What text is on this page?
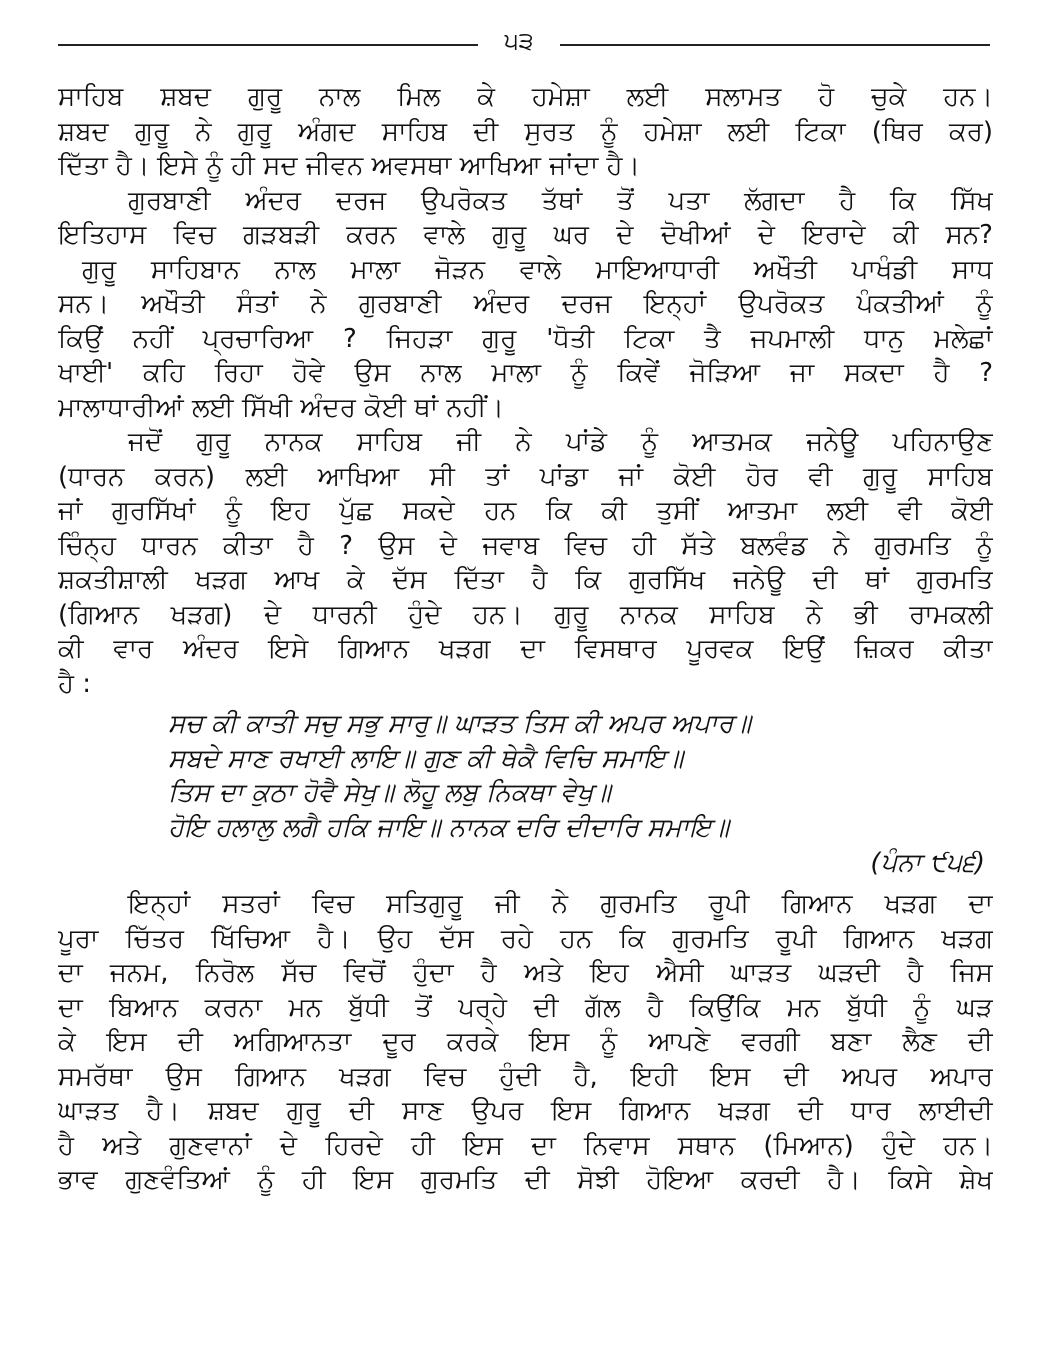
੫੩
ਸਾਹਿਬ ਸ਼ਬਦ ਗੁਰੂ ਨਾਲ ਮਿਲ ਕੇ ਹਮੇਸ਼ਾ ਲਈ ਸਲਾਮਤ ਹੋ ਚੁਕੇ ਹਨ।
ਸ਼ਬਦ ਗੁਰੂ ਨੇ ਗੁਰੂ ਅੰਗਦ ਸਾਹਿਬ ਦੀ ਸੁਰਤ ਨੂੰ ਹਮੇਸ਼ਾ ਲਈ ਟਿਕਾ (ਥਿਰ ਕਰ)
ਦਿੱਤਾ ਹੈ। ਇਸੇ ਨੂੰ ਹੀ ਸਦ ਜੀਵਨ ਅਵਸਥਾ ਆਖਿਆ ਜਾਂਦਾ ਹੈ।
ਗੁਰਬਾਣੀ ਅੰਦਰ ਦਰਜ ਉਪਰੋਕਤ ਤੱਥਾਂ ਤੋਂ ਪਤਾ ਲੱਗਦਾ ਹੈ ਕਿ ਸਿੱਖ
ਇਤਿਹਾਸ ਵਿਚ ਗੜਬੜੀ ਕਰਨ ਵਾਲੇ ਗੁਰੂ ਘਰ ਦੇ ਦੋਖੀਆਂ ਦੇ ਇਰਾਦੇ ਕੀ ਸਨ?
ਗੁਰੂ ਸਾਹਿਬਾਨ ਨਾਲ ਮਾਲਾ ਜੋੜਨ ਵਾਲੇ ਮਾਇਆਧਾਰੀ ਅਖੌਤੀ ਪਾਖੰਡੀ ਸਾਧ
ਸਨ। ਅਖੌਤੀ ਸੰਤਾਂ ਨੇ ਗੁਰਬਾਣੀ ਅੰਦਰ ਦਰਜ ਇਨ੍ਹਾਂ ਉਪਰੋਕਤ ਪੰਕਤੀਆਂ ਨੂੰ
ਕਿਉਂ ਨਹੀਂ ਪ੍ਰਚਾਰਿਆ ? ਜਿਹੜਾ ਗੁਰੂ 'ਧੋਤੀ ਟਿਕਾ ਤੈ ਜਪਮਾਲੀ ਧਾਨੁ ਮਲੇਛਾਂ
ਖਾਈ' ਕਹਿ ਰਿਹਾ ਹੋਵੇ ਉਸ ਨਾਲ ਮਾਲਾ ਨੂੰ ਕਿਵੇਂ ਜੋੜਿਆ ਜਾ ਸਕਦਾ ਹੈ ?
ਮਾਲਾਧਾਰੀਆਂ ਲਈ ਸਿੱਖੀ ਅੰਦਰ ਕੋਈ ਥਾਂ ਨਹੀਂ।
ਜਦੋਂ ਗੁਰੂ ਨਾਨਕ ਸਾਹਿਬ ਜੀ ਨੇ ਪਾਂਡੇ ਨੂੰ ਆਤਮਕ ਜਨੇਊ ਪਹਿਨਾਉਣ
(ਧਾਰਨ ਕਰਨ) ਲਈ ਆਖਿਆ ਸੀ ਤਾਂ ਪਾਂਡਾ ਜਾਂ ਕੋਈ ਹੋਰ ਵੀ ਗੁਰੂ ਸਾਹਿਬ
ਜਾਂ ਗੁਰਸਿੱਖਾਂ ਨੂੰ ਇਹ ਪੁੱਛ ਸਕਦੇ ਹਨ ਕਿ ਕੀ ਤੁਸੀਂ ਆਤਮਾ ਲਈ ਵੀ ਕੋਈ
ਚਿੰਨ੍ਹ ਧਾਰਨ ਕੀਤਾ ਹੈ ? ਉਸ ਦੇ ਜਵਾਬ ਵਿਚ ਹੀ ਸੱਤੇ ਬਲਵੰਡ ਨੇ ਗੁਰਮਤਿ ਨੂੰ
ਸ਼ਕਤੀਸ਼ਾਲੀ ਖੜਗ ਆਖ ਕੇ ਦੱਸ ਦਿੱਤਾ ਹੈ ਕਿ ਗੁਰਸਿੱਖ ਜਨੇਊ ਦੀ ਥਾਂ ਗੁਰਮਤਿ
(ਗਿਆਨ ਖੜਗ) ਦੇ ਧਾਰਨੀ ਹੁੰਦੇ ਹਨ। ਗੁਰੂ ਨਾਨਕ ਸਾਹਿਬ ਨੇ ਭੀ ਰਾਮਕਲੀ
ਕੀ ਵਾਰ ਅੰਦਰ ਇਸੇ ਗਿਆਨ ਖੜਗ ਦਾ ਵਿਸਥਾਰ ਪੂਰਵਕ ਇਉਂ ਜ਼ਿਕਰ ਕੀਤਾ
ਹੈ :
ਸਚ ਕੀ ਕਾਤੀ ਸਚੁ ਸਭੁ ਸਾਰੁ॥ ਘਾੜਤ ਤਿਸ ਕੀ ਅਪਰ ਅਪਾਰ॥
ਸਬਦੇ ਸਾਣ ਰਖਾਈ ਲਾਇ॥ ਗੁਣ ਕੀ ਥੇਕੈ ਵਿਚਿ ਸਮਾਇ॥
ਤਿਸ ਦਾ ਕੁਠਾ ਹੋਵੈ ਸੇਖੁ॥ ਲੋਹੂ ਲਬੁ ਨਿਕਥਾ ਵੇਖੁ॥
ਹੋਇ ਹਲਾਲੁ ਲਗੈ ਹਕਿ ਜਾਇ॥ ਨਾਨਕ ਦਰਿ ਦੀਦਾਰਿ ਸਮਾਇ॥
(ਪੰਨਾ ੯੫੬)
ਇਨ੍ਹਾਂ ਸਤਰਾਂ ਵਿਚ ਸਤਿਗੁਰੂ ਜੀ ਨੇ ਗੁਰਮਤਿ ਰੂਪੀ ਗਿਆਨ ਖੜਗ ਦਾ
ਪੂਰਾ ਚਿੱਤਰ ਖਿੱਚਿਆ ਹੈ। ਉਹ ਦੱਸ ਰਹੇ ਹਨ ਕਿ ਗੁਰਮਤਿ ਰੂਪੀ ਗਿਆਨ ਖੜਗ
ਦਾ ਜਨਮ, ਨਿਰੋਲ ਸੱਚ ਵਿਚੋਂ ਹੁੰਦਾ ਹੈ ਅਤੇ ਇਹ ਐਸੀ ਘਾੜਤ ਘੜਦੀ ਹੈ ਜਿਸ
ਦਾ ਬਿਆਨ ਕਰਨਾ ਮਨ ਬੁੱਧੀ ਤੋਂ ਪਰ੍ਹੇ ਦੀ ਗੱਲ ਹੈ ਕਿਉਂਕਿ ਮਨ ਬੁੱਧੀ ਨੂੰ ਘੜ
ਕੇ ਇਸ ਦੀ ਅਗਿਆਨਤਾ ਦੂਰ ਕਰਕੇ ਇਸ ਨੂੰ ਆਪਣੇ ਵਰਗੀ ਬਣਾ ਲੈਣ ਦੀ
ਸਮਰੱਥਾ ਉਸ ਗਿਆਨ ਖੜਗ ਵਿਚ ਹੁੰਦੀ ਹੈ, ਇਹੀ ਇਸ ਦੀ ਅਪਰ ਅਪਾਰ
ਘਾੜਤ ਹੈ। ਸ਼ਬਦ ਗੁਰੂ ਦੀ ਸਾਣ ਉਪਰ ਇਸ ਗਿਆਨ ਖੜਗ ਦੀ ਧਾਰ ਲਾਈਦੀ
ਹੈ ਅਤੇ ਗੁਣਵਾਨਾਂ ਦੇ ਹਿਰਦੇ ਹੀ ਇਸ ਦਾ ਨਿਵਾਸ ਸਥਾਨ (ਮਿਆਨ) ਹੁੰਦੇ ਹਨ।
ਭਾਵ ਗੁਣਵੰਤਿਆਂ ਨੂੰ ਹੀ ਇਸ ਗੁਰਮਤਿ ਦੀ ਸੋਝੀ ਹੋਇਆ ਕਰਦੀ ਹੈ। ਕਿਸੇ ਸ਼ੇਖ
